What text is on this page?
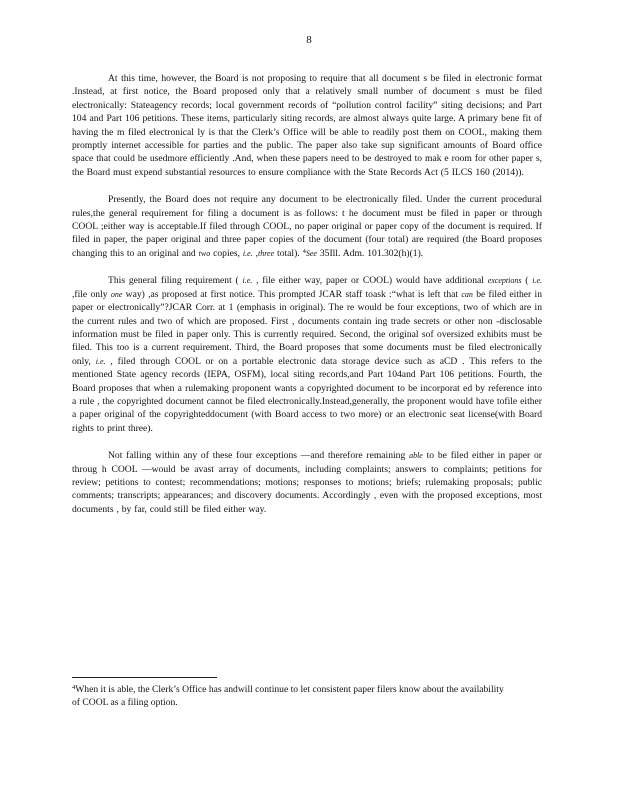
8

At this time, however, the Board is not proposing to require that all document s be filed in electronic format .Instead, at first notice, the Board proposed only that a relatively small number of document s must be filed electronically: Stateagency records; local government records of “pollution control facility” siting decisions; and Part 104 and Part 106 petitions. These items, particularly siting records, are almost always quite large. A primary bene fit of having the m filed electronical ly is that the Clerk’s Office will be able to readily post them on COOL, making them promptly internet accessible for parties and the public. The paper also take sup significant amounts of Board office space that could be usedmore efficiently .And, when these papers need to be destroyed to mak e room for other paper s, the Board must expend substantial resources to ensure compliance with the State Records Act (5 ILCS 160 (2014)).

Presently, the Board does not require any document to be electronically filed. Under the current procedural rules,the general requirement for filing a document is as follows: t he document must be filed in paper or through COOL ;either way is acceptable.If filed through COOL, no paper original or paper copy of the document is required. If filed in paper, the paper original and three paper copies of the document (four total) are required (the Board proposes changing this to an original and two copies, i.e. ,three total). $^4$See 35Ill. Adm. 101.302(h)(1).

This general filing requirement ( i.e. , file either way, paper or COOL) would have additional exceptions ( i.e. ,file only one way) ,as proposed at first notice. This prompted JCAR staff toask :“what is left that can be filed either in paper or electronically”?JCAR Corr. at 1 (emphasis in original). The re would be four exceptions, two of which are in the current rules and two of which are proposed. First , documents contain ing trade secrets or other non -disclosable information must be filed in paper only. This is currently required. Second, the original sof oversized exhibits must be filed. This too is a current requirement. Third, the Board proposes that some documents must be filed electronically only, i.e. , filed through COOL or on a portable electronic data storage device such as aCD . This refers to the mentioned State agency records (IEPA, OSFM), local siting records,and Part 104and Part 106 petitions. Fourth, the Board proposes that when a rulemaking proponent wants a copyrighted document to be incorporat ed by reference into a rule , the copyrighted document cannot be filed electronically.Instead,generally, the proponent would have tofile either a paper original of the copyrighteddocument (with Board access to two more) or an electronic seat license(with Board rights to print three).

Not falling within any of these four exceptions —and therefore remaining able to be filed either in paper or throug h COOL —would be avast array of documents, including complaints; answers to complaints; petitions for review; petitions to contest; recommendations; motions; responses to motions; briefs; rulemaking proposals; public comments; transcripts; appearances; and discovery documents. Accordingly , even with the proposed exceptions, most documents , by far, could still be filed either way.

$^4$When it is able, the Clerk’s Office has andwill continue to let consistent paper filers know about the availability of COOL as a filing option.
